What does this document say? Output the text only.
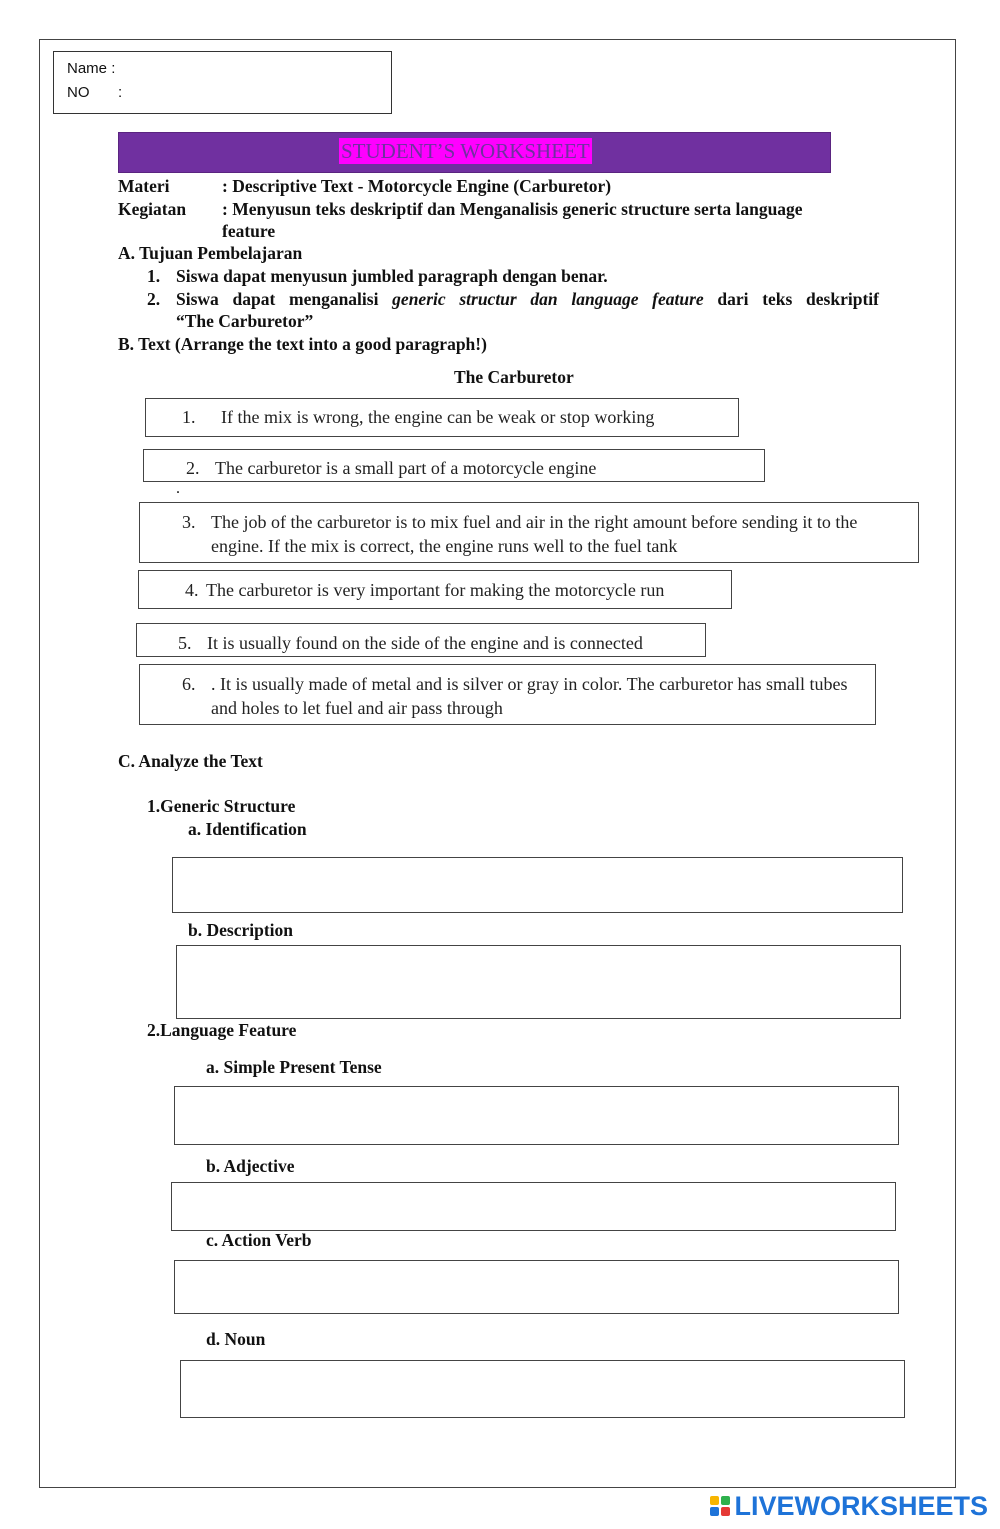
Name :
NO :
STUDENT’S WORKSHEET
Materi	: Descriptive Text - Motorcycle Engine (Carburetor)
Kegiatan : Menyusun teks deskriptif dan Menganalisis generic structure serta language
feature
A. Tujuan Pembelajaran
1. Siswa dapat menyusun jumbled paragraph dengan benar.
2. Siswa dapat menganalisi generic structur dan language feature dari teks deskriptif
“The Carburetor”
B. Text (Arrange the text into a good paragraph!)
The Carburetor
1. If the mix is wrong, the engine can be weak or stop working
2. The carburetor is a small part of a motorcycle engine
.
3. The job of the carburetor is to mix fuel and air in the right amount before sending it to the engine. If the mix is correct, the engine runs well to the fuel tank
4. The carburetor is very important for making the motorcycle run
5. It is usually found on the side of the engine and is connected
6. . It is usually made of metal and is silver or gray in color. The carburetor has small tubes and holes to let fuel and air pass through
C. Analyze the Text
1.Generic Structure
a. Identification
b. Description
2.Language Feature
a. Simple Present Tense
b. Adjective
c. Action Verb
d. Noun
LIVEWORKSHEETS
